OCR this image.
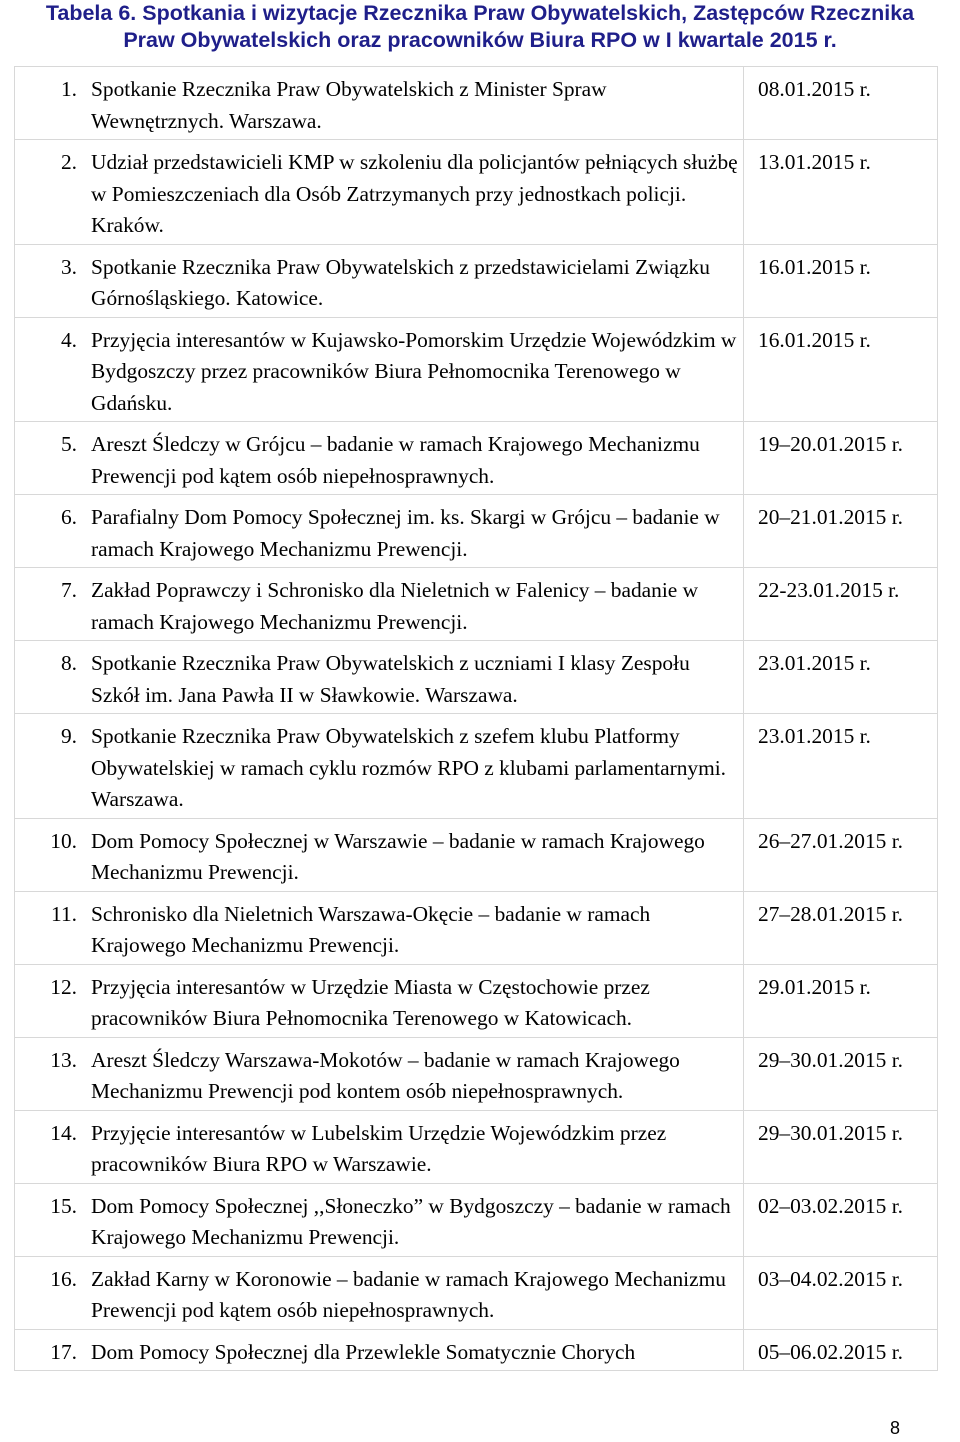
Tabela 6. Spotkania i wizytacje Rzecznika Praw Obywatelskich, Zastępców Rzecznika
Praw Obywatelskich oraz pracowników Biura RPO w I kwartale 2015 r.
1.	Spotkanie Rzecznika Praw Obywatelskich z Minister Spraw Wewnętrznych. Warszawa.	08.01.2015 r.
2.	Udział przedstawicieli KMP w szkoleniu dla policjantów pełniących służbę w Pomieszczeniach dla Osób Zatrzymanych przy jednostkach policji. Kraków.	13.01.2015 r.
3.	Spotkanie Rzecznika Praw Obywatelskich z przedstawicielami Związku Górnośląskiego. Katowice.	16.01.2015 r.
4.	Przyjęcia interesantów w Kujawsko-Pomorskim Urzędzie Wojewódzkim w Bydgoszczy przez pracowników Biura Pełnomocnika Terenowego w Gdańsku.	16.01.2015 r.
5.	Areszt Śledczy w Grójcu – badanie w ramach Krajowego Mechanizmu Prewencji pod kątem osób niepełnosprawnych.	19–20.01.2015 r.
6.	Parafialny Dom Pomocy Społecznej im. ks. Skargi w Grójcu – badanie w ramach Krajowego Mechanizmu Prewencji.	20–21.01.2015 r.
7.	Zakład Poprawczy i Schronisko dla Nieletnich w Falenicy – badanie w ramach Krajowego Mechanizmu Prewencji.	22-23.01.2015 r.
8.	Spotkanie Rzecznika Praw Obywatelskich z uczniami I klasy Zespołu Szkół im. Jana Pawła II w Sławkowie. Warszawa.	23.01.2015 r.
9.	Spotkanie Rzecznika Praw Obywatelskich z szefem klubu Platformy Obywatelskiej w ramach cyklu rozmów RPO z klubami parlamentarnymi. Warszawa.	23.01.2015 r.
10.	Dom Pomocy Społecznej w Warszawie – badanie w ramach Krajowego Mechanizmu Prewencji.	26–27.01.2015 r.
11.	Schronisko dla Nieletnich Warszawa-Okęcie – badanie w ramach Krajowego Mechanizmu Prewencji.	27–28.01.2015 r.
12.	Przyjęcia interesantów w Urzędzie Miasta w Częstochowie przez pracowników Biura Pełnomocnika Terenowego w Katowicach.	29.01.2015 r.
13.	Areszt Śledczy Warszawa-Mokotów – badanie w ramach Krajowego Mechanizmu Prewencji pod kontem osób niepełnosprawnych.	29–30.01.2015 r.
14.	Przyjęcie interesantów w Lubelskim Urzędzie Wojewódzkim przez pracowników Biura RPO w Warszawie.	29–30.01.2015 r.
15.	Dom Pomocy Społecznej ,,Słoneczko” w Bydgoszczy – badanie w ramach Krajowego Mechanizmu Prewencji.	02–03.02.2015 r.
16.	Zakład Karny w Koronowie – badanie w ramach Krajowego Mechanizmu Prewencji pod kątem osób niepełnosprawnych.	03–04.02.2015 r.
17.	Dom Pomocy Społecznej dla Przewlekle Somatycznie Chorych	05–06.02.2015 r.
8
